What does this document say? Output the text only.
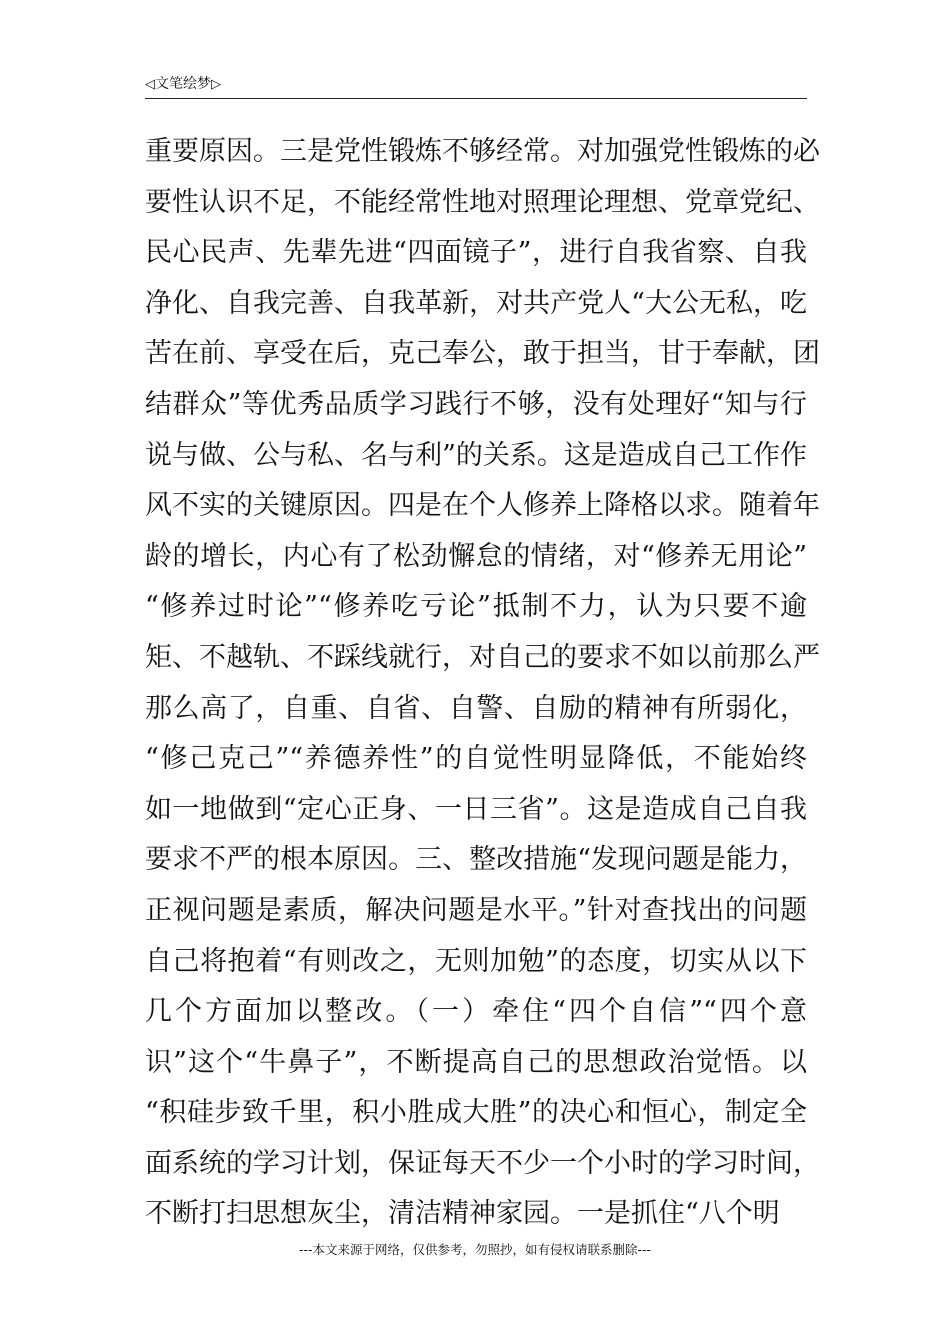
◁文笔绘梦▷
重要原因。三是党性锻炼不够经常。对加强党性锻炼的必
要性认识不足，不能经常性地对照理论理想、党章党纪、
民心民声、先辈先进“四面镜子”，进行自我省察、自我
净化、自我完善、自我革新，对共产党人“大公无私，吃
苦在前、享受在后，克己奉公，敢于担当，甘于奉献，团
结群众”等优秀品质学习践行不够，没有处理好“知与行
说与做、公与私、名与利”的关系。这是造成自己工作作
风不实的关键原因。四是在个人修养上降格以求。随着年
龄的增长，内心有了松劲懈怠的情绪，对“修养无用论”
“修养过时论”“修养吃亏论”抵制不力，认为只要不逾
矩、不越轨、不踩线就行，对自己的要求不如以前那么严
那么高了，自重、自省、自警、自励的精神有所弱化，
“修己克己”“养德养性”的自觉性明显降低，不能始终
如一地做到“定心正身、一日三省”。这是造成自己自我
要求不严的根本原因。三、整改措施“发现问题是能力，
正视问题是素质，解决问题是水平。”针对查找出的问题
自己将抱着“有则改之，无则加勉”的态度，切实从以下
几个方面加以整改。（一）牵住“四个自信”“四个意
识”这个“牛鼻子”，不断提高自己的思想政治觉悟。以
“积硅步致千里，积小胜成大胜”的决心和恒心，制定全
面系统的学习计划，保证每天不少一个小时的学习时间，
不断打扫思想灰尘，清洁精神家园。一是抓住“八个明
---本文来源于网络，仅供参考，勿照抄，如有侵权请联系删除---
